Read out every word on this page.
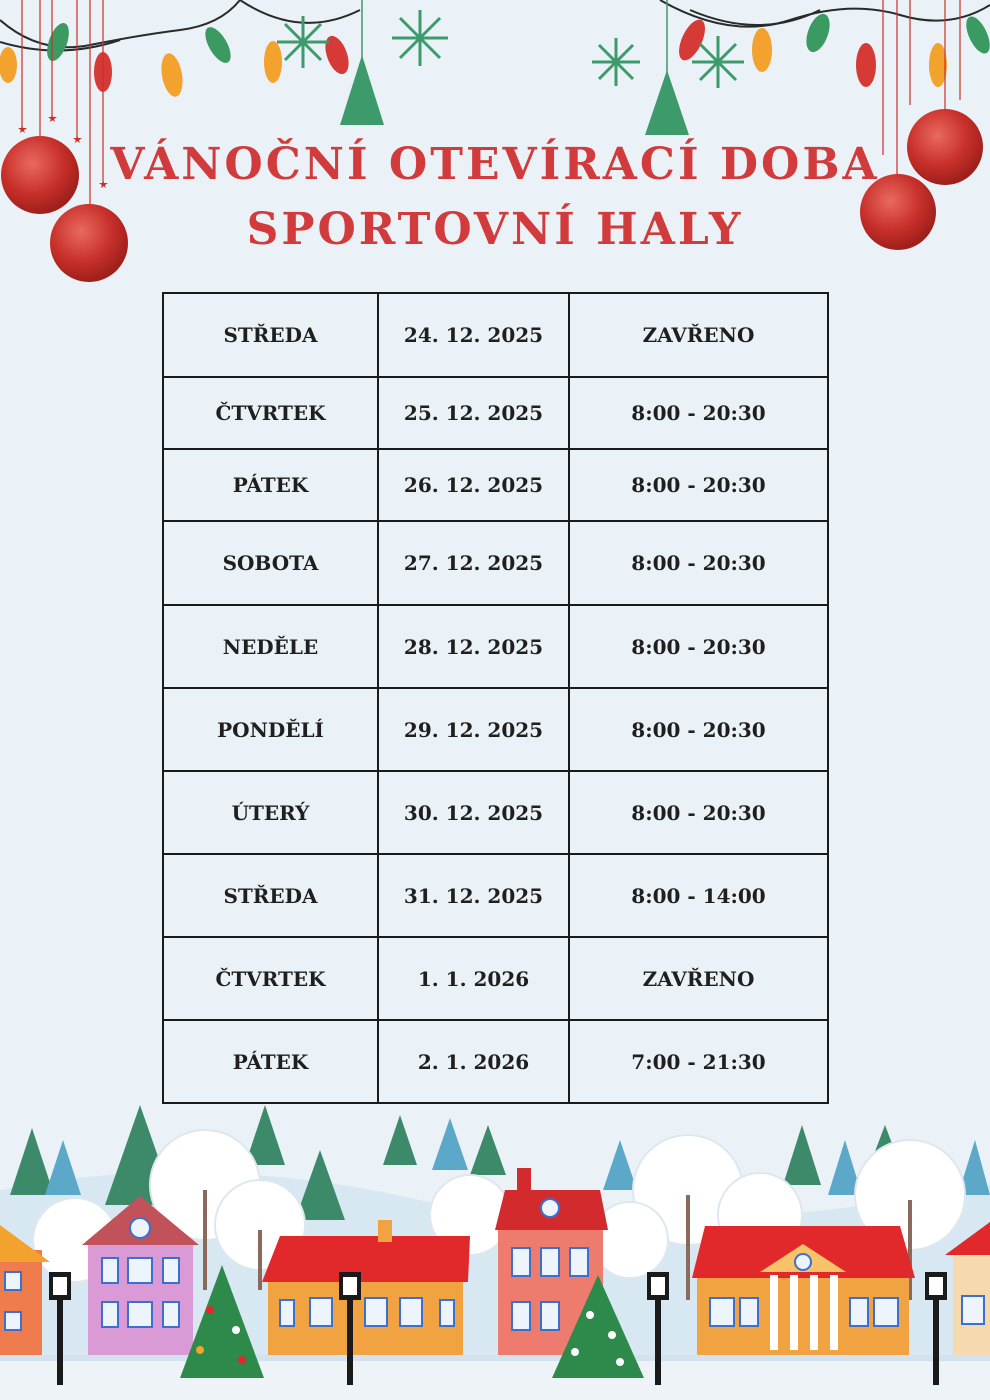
VÁNOČNÍ OTEVÍRACÍ DOBA
SPORTOVNÍ HALY
STŘEDA	24. 12. 2025	ZAVŘENO
ČTVRTEK	25. 12. 2025	8:00 - 20:30
PÁTEK	26. 12. 2025	8:00 - 20:30
SOBOTA	27. 12. 2025	8:00 - 20:30
NEDĚLE	28. 12. 2025	8:00 - 20:30
PONDĚLÍ	29. 12. 2025	8:00 - 20:30
ÚTERÝ	30. 12. 2025	8:00 - 20:30
STŘEDA	31. 12. 2025	8:00 - 14:00
ČTVRTEK	1. 1. 2026	ZAVŘENO
PÁTEK	2. 1. 2026	7:00 - 21:30
